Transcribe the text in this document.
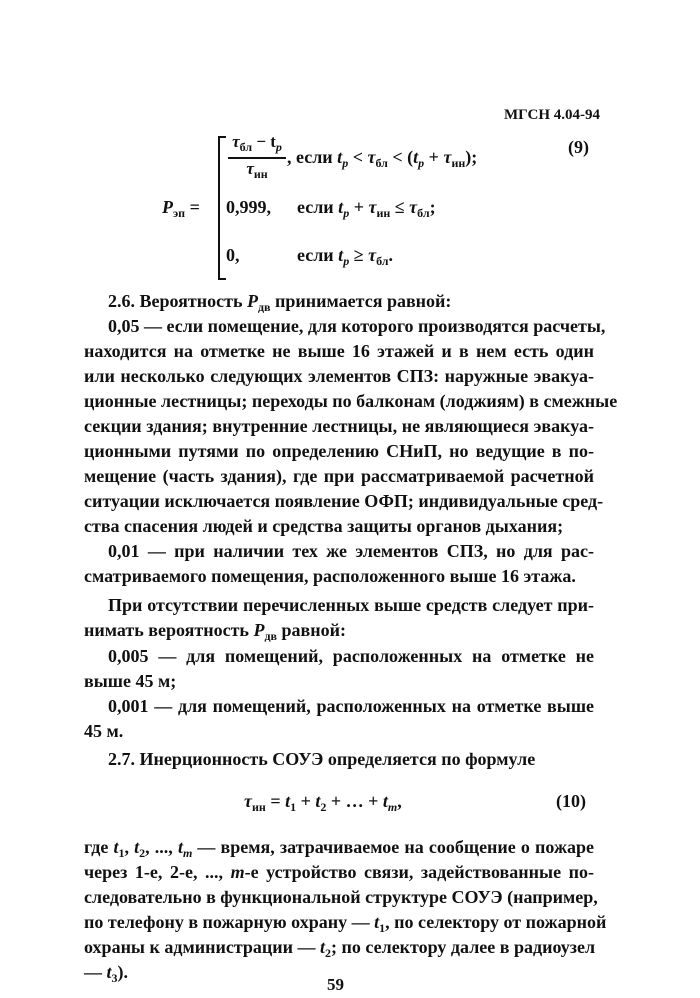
МГСН 4.04-94
$P_{эп}$ =
$\tau_{бл} - t_p$
$\tau_{ин}$
, если $t_p < \tau_{бл} < (t_p + \tau_{ин})$;	(9)
0,999, если $t_p + \tau_{ин} \le \tau_{бл}$;
0,	если $t_p \ge \tau_{бл}$.
2.6. Вероятность $P_{дв}$ принимается равной:
0,05 — если помещение, для которого производятся расчеты,
находится на отметке не выше 16 этажей и в нем есть один
или несколько следующих элементов СПЗ: наружные эвакуа-
ционные лестницы; переходы по балконам (лоджиям) в смежные
секции здания; внутренние лестницы, не являющиеся эвакуа-
ционными путями по определению СНиП, но ведущие в по-
мещение (часть здания), где при рассматриваемой расчетной
ситуации исключается появление ОФП; индивидуальные сред-
ства спасения людей и средства защиты органов дыхания;
0,01 — при наличии тех же элементов СПЗ, но для рас-
сматриваемого помещения, расположенного выше 16 этажа.
При отсутствии перечисленных выше средств следует при-
нимать вероятность $P_{дв}$ равной:
0,005 — для помещений, расположенных на отметке не
выше 45 м;
0,001 — для помещений, расположенных на отметке выше
45 м.
2.7. Инерционность СОУЭ определяется по формуле
$\tau_{ин} = t_1 + t_2$ + … + $t_m$,	(10)
где $t_1$, $t_2$, ..., $t_m$ — время, затрачиваемое на сообщение о пожаре
через 1-е, 2-е, ..., m-е устройство связи, задействованные по-
следовательно в функциональной структуре СОУЭ (например,
по телефону в пожарную охрану — $t_1$, по селектору от пожарной
охраны к администрации — $t_2$; по селектору далее в радиоузел
— $t_3$).
59
